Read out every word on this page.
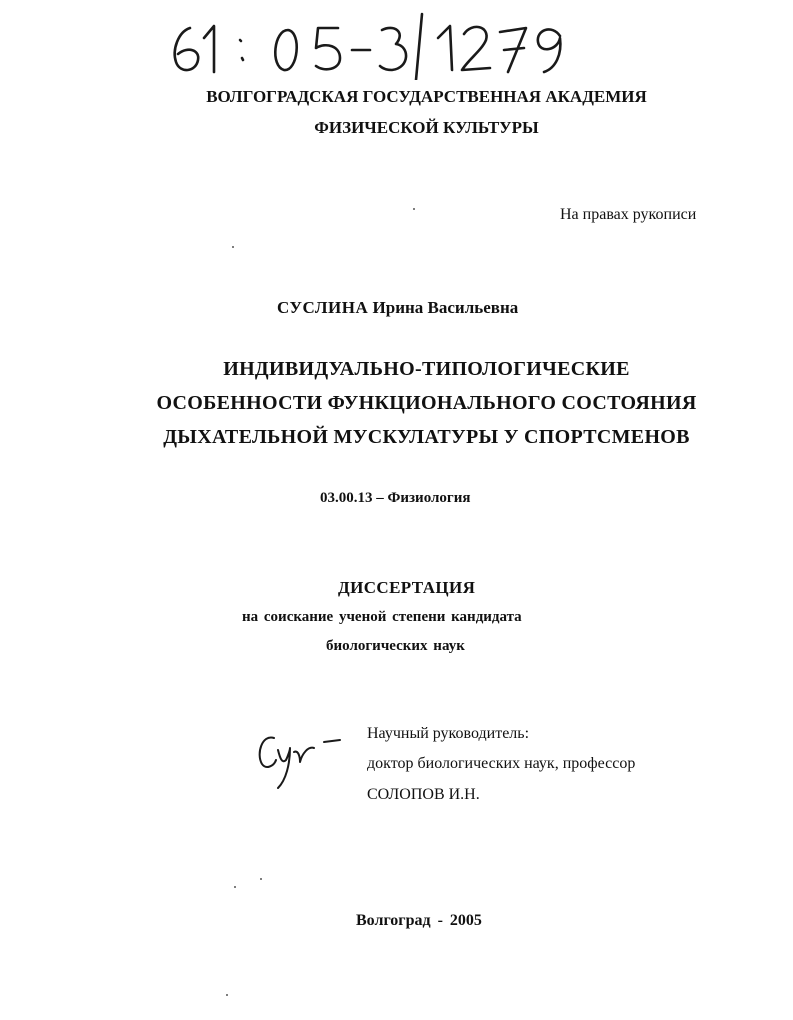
ВОЛГОГРАДСКАЯ ГОСУДАРСТВЕННАЯ АКАДЕМИЯ
ФИЗИЧЕСКОЙ КУЛЬТУРЫ
На правах рукописи
СУСЛИНА Ирина Васильевна
ИНДИВИДУАЛЬНО-ТИПОЛОГИЧЕСКИЕ
ОСОБЕННОСТИ ФУНКЦИОНАЛЬНОГО СОСТОЯНИЯ
ДЫХАТЕЛЬНОЙ МУСКУЛАТУРЫ У СПОРТСМЕНОВ
03.00.13 – Физиология
ДИССЕРТАЦИЯ
на соискание ученой степени кандидата
биологических наук
Научный руководитель:
доктор биологических наук, профессор
СОЛОПОВ И.Н.
Волгоград - 2005
